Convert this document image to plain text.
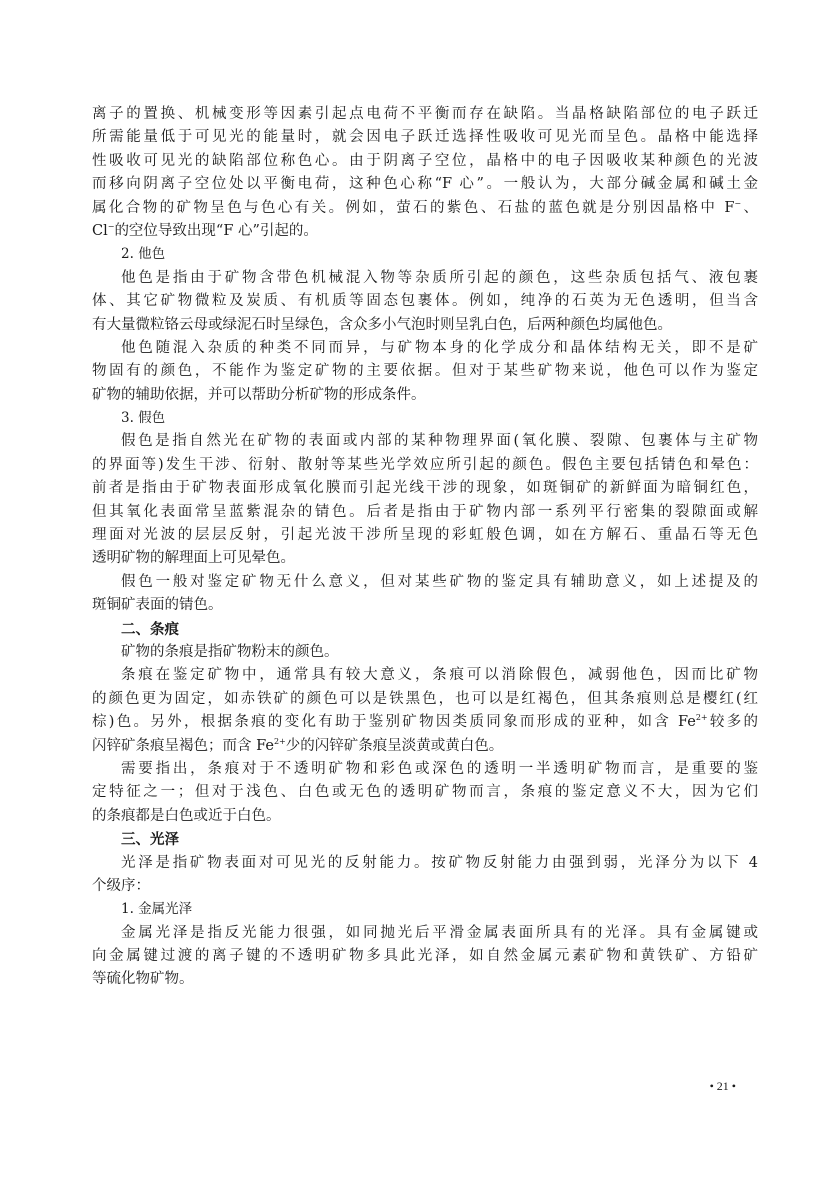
离子的置换、机械变形等因素引起点电荷不平衡而存在缺陷。当晶格缺陷部位的电子跃迁
所需能量低于可见光的能量时，就会因电子跃迁选择性吸收可见光而呈色。晶格中能选择
性吸收可见光的缺陷部位称色心。由于阴离子空位，晶格中的电子因吸收某种颜色的光波
而移向阴离子空位处以平衡电荷，这种色心称“F 心”。一般认为，大部分碱金属和碱土金
属化合物的矿物呈色与色心有关。例如，萤石的紫色、石盐的蓝色就是分别因晶格中 F−、
Cl−的空位导致出现“F 心”引起的。
2. 他色
他色是指由于矿物含带色机械混入物等杂质所引起的颜色，这些杂质包括气、液包裹
体、其它矿物微粒及炭质、有机质等固态包裹体。例如，纯净的石英为无色透明，但当含
有大量微粒铬云母或绿泥石时呈绿色，含众多小气泡时则呈乳白色，后两种颜色均属他色。
他色随混入杂质的种类不同而异，与矿物本身的化学成分和晶体结构无关，即不是矿
物固有的颜色，不能作为鉴定矿物的主要依据。但对于某些矿物来说，他色可以作为鉴定
矿物的辅助依据，并可以帮助分析矿物的形成条件。
3. 假色
假色是指自然光在矿物的表面或内部的某种物理界面(氧化膜、裂隙、包裹体与主矿物
的界面等)发生干涉、衍射、散射等某些光学效应所引起的颜色。假色主要包括锖色和晕色：
前者是指由于矿物表面形成氧化膜而引起光线干涉的现象，如斑铜矿的新鲜面为暗铜红色，
但其氧化表面常呈蓝紫混杂的锖色。后者是指由于矿物内部一系列平行密集的裂隙面或解
理面对光波的层层反射，引起光波干涉所呈现的彩虹般色调，如在方解石、重晶石等无色
透明矿物的解理面上可见晕色。
假色一般对鉴定矿物无什么意义，但对某些矿物的鉴定具有辅助意义，如上述提及的
斑铜矿表面的锖色。
二、条痕
矿物的条痕是指矿物粉末的颜色。
条痕在鉴定矿物中，通常具有较大意义，条痕可以消除假色，减弱他色，因而比矿物
的颜色更为固定，如赤铁矿的颜色可以是铁黑色，也可以是红褐色，但其条痕则总是樱红(红
棕)色。另外，根据条痕的变化有助于鉴别矿物因类质同象而形成的亚种，如含 $Fe^{2+}$较多的
闪锌矿条痕呈褐色；而含 $Fe^{2+}$少的闪锌矿条痕呈淡黄或黄白色。
需要指出，条痕对于不透明矿物和彩色或深色的透明一半透明矿物而言，是重要的鉴
定特征之一；但对于浅色、白色或无色的透明矿物而言，条痕的鉴定意义不大，因为它们
的条痕都是白色或近于白色。
三、光泽
光泽是指矿物表面对可见光的反射能力。按矿物反射能力由强到弱，光泽分为以下 4
个级序：
1. 金属光泽
金属光泽是指反光能力很强，如同抛光后平滑金属表面所具有的光泽。具有金属键或
向金属键过渡的离子键的不透明矿物多具此光泽，如自然金属元素矿物和黄铁矿、方铅矿
等硫化物矿物。
• 21 •
